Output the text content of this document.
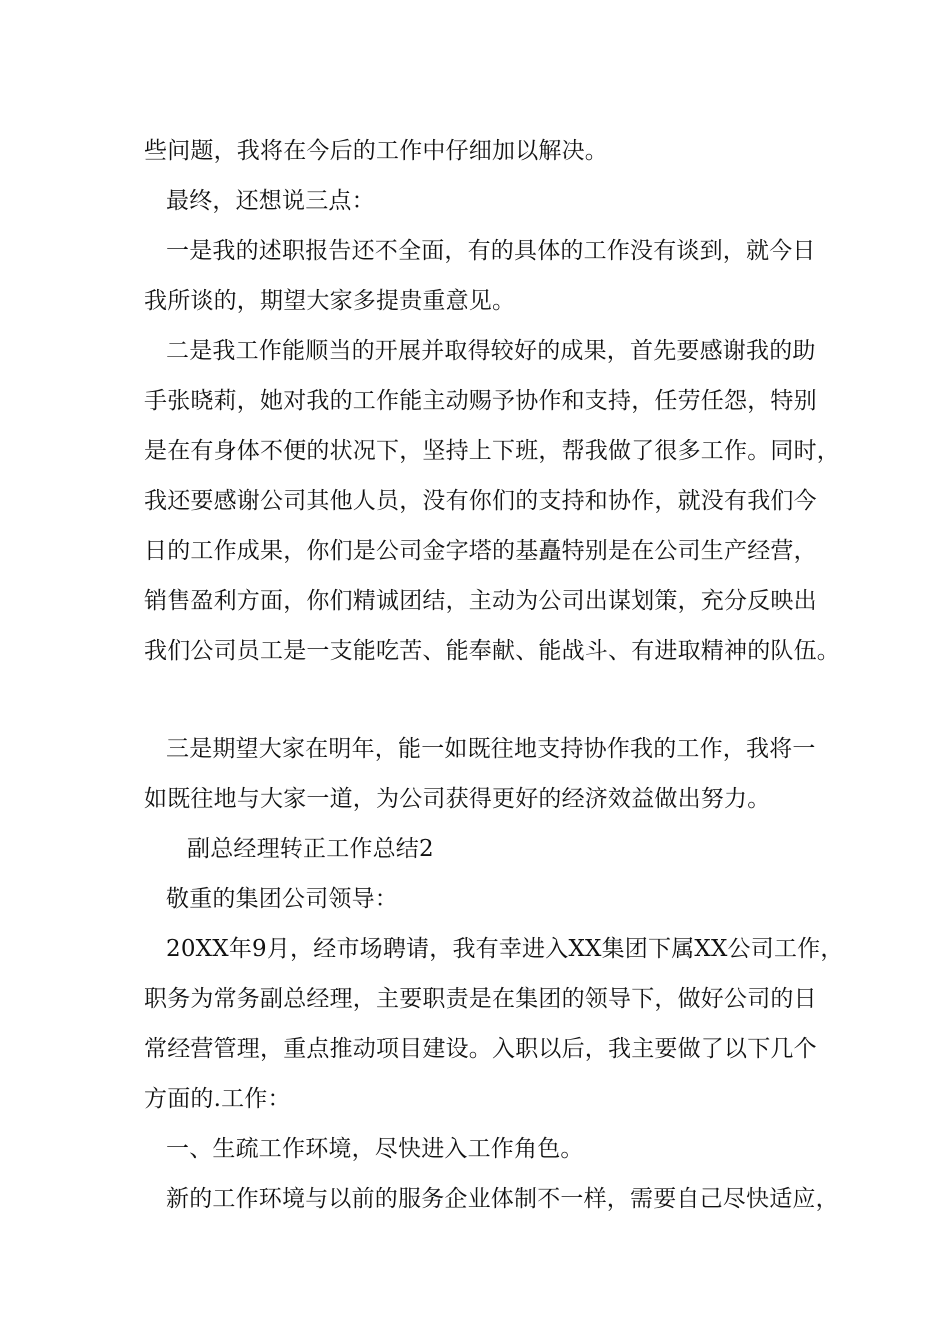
些问题，我将在今后的工作中仔细加以解决。
最终，还想说三点：
一是我的述职报告还不全面，有的具体的工作没有谈到，就今日
我所谈的，期望大家多提贵重意见。
二是我工作能顺当的开展并取得较好的成果，首先要感谢我的助
手张晓莉，她对我的工作能主动赐予协作和支持，任劳任怨，特别
是在有身体不便的状况下，坚持上下班，帮我做了很多工作。同时，
我还要感谢公司其他人员，没有你们的支持和协作，就没有我们今
日的工作成果，你们是公司金字塔的基矗特别是在公司生产经营，
销售盈利方面，你们精诚团结，主动为公司出谋划策，充分反映出
我们公司员工是一支能吃苦、能奉献、能战斗、有进取精神的队伍。
三是期望大家在明年，能一如既往地支持协作我的工作，我将一
如既往地与大家一道，为公司获得更好的经济效益做出努力。
副总经理转正工作总结2
敬重的集团公司领导：
20XX年9月，经市场聘请，我有幸进入XX集团下属XX公司工作，
职务为常务副总经理，主要职责是在集团的领导下，做好公司的日
常经营管理，重点推动项目建设。入职以后，我主要做了以下几个
方面的.工作：
一、生疏工作环境，尽快进入工作角色。
新的工作环境与以前的服务企业体制不一样，需要自己尽快适应，
